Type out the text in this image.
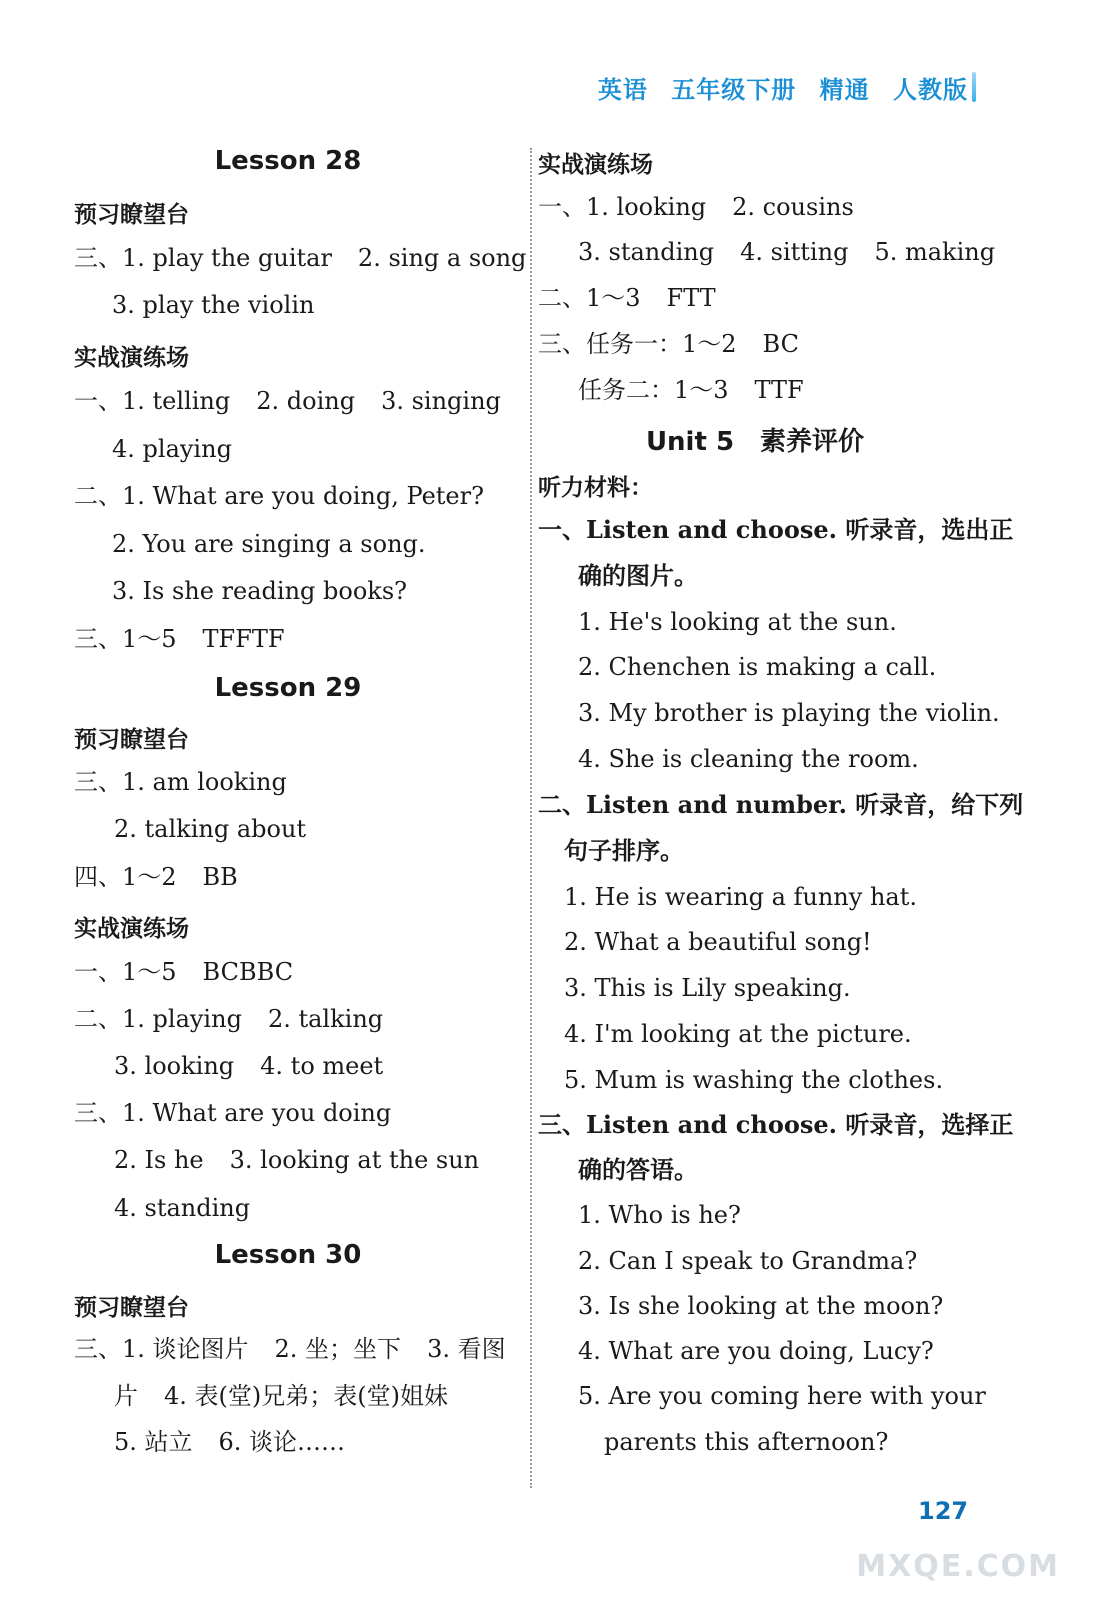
英语 五年级下册 精通 人教版
Lesson 28
预习瞭望台
三、1. play the guitar 2. sing a song
3. play the violin
实战演练场
一、1. telling 2. doing 3. singing
4. playing
二、1. What are you doing, Peter?
2. You are singing a song.
3. Is she reading books?
三、1～5 TFFTF
Lesson 29
预习瞭望台
三、1. am looking
2. talking about
四、1～2 BB
实战演练场
一、1～5 BCBBC
二、1. playing 2. talking
3. looking 4. to meet
三、1. What are you doing
2. Is he 3. looking at the sun
4. standing
Lesson 30
预习瞭望台
三、1. 谈论图片 2. 坐；坐下 3. 看图
片 4. 表(堂)兄弟；表(堂)姐妹
5. 站立 6. 谈论……
实战演练场
一、1. looking 2. cousins
3. standing 4. sitting 5. making
二、1～3 FTT
三、任务一：1～2 BC
任务二：1～3 TTF
Unit 5　素养评价
听力材料：
一、Listen and choose. 听录音，选出正
确的图片。
1. He's looking at the sun.
2. Chenchen is making a call.
3. My brother is playing the violin.
4. She is cleaning the room.
二、Listen and number. 听录音，给下列
句子排序。
1. He is wearing a funny hat.
2. What a beautiful song!
3. This is Lily speaking.
4. I'm looking at the picture.
5. Mum is washing the clothes.
三、Listen and choose. 听录音，选择正
确的答语。
1. Who is he?
2. Can I speak to Grandma?
3. Is she looking at the moon?
4. What are you doing, Lucy?
5. Are you coming here with your
parents this afternoon?
127
MXQE.COM
